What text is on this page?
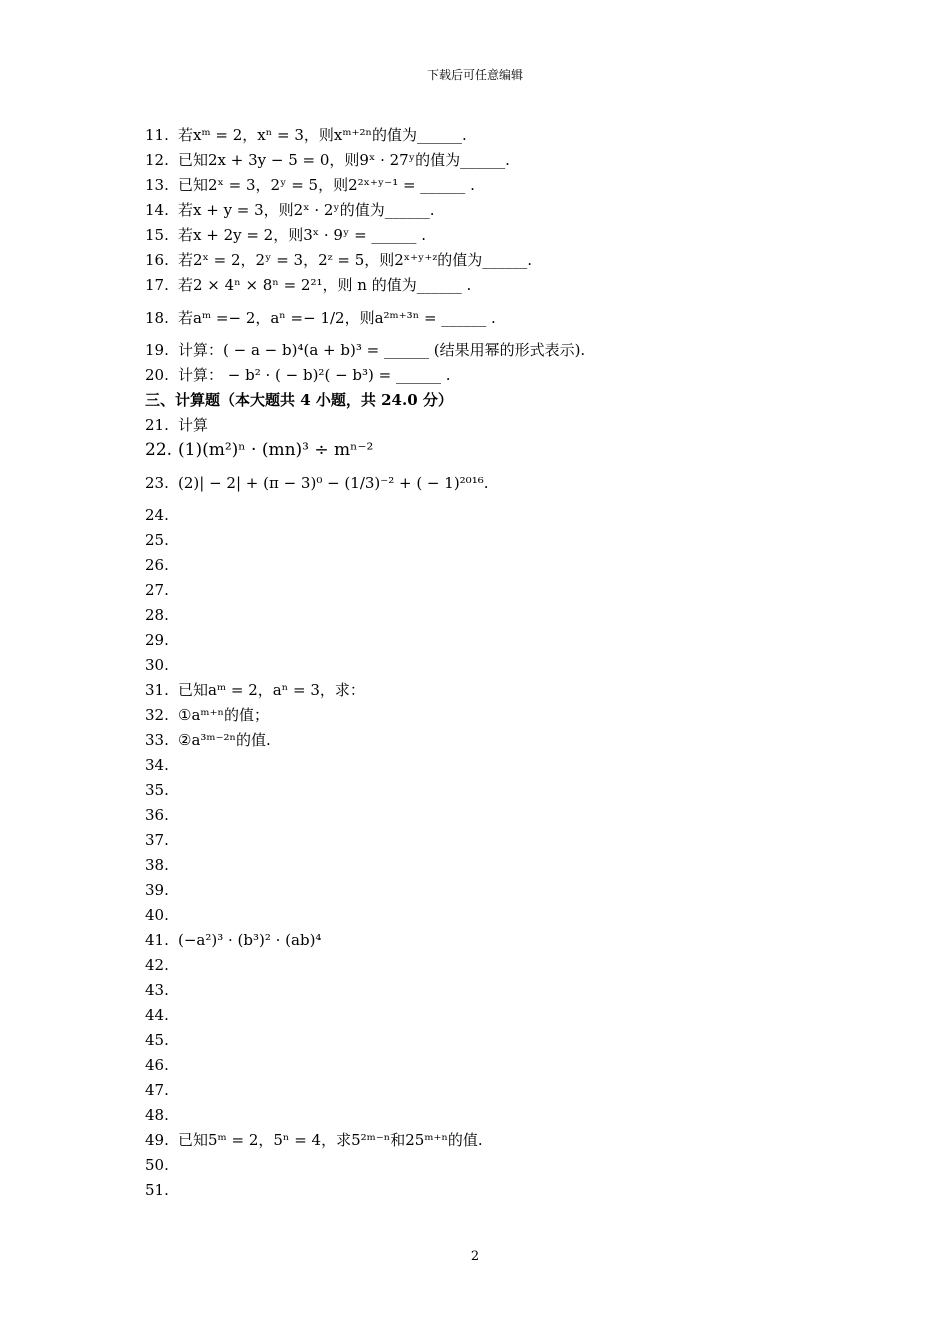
下载后可任意编辑
11. 若xᵐ = 2，xⁿ = 3，则xᵐ⁺²ⁿ的值为______.
12. 已知2x + 3y − 5 = 0，则9ˣ · 27ʸ的值为______.
13. 已知2ˣ = 3，2ʸ = 5，则2²ˣ⁺ʸ⁻¹ = ______ .
14. 若x + y = 3，则2ˣ · 2ʸ的值为______.
15. 若x + 2y = 2，则3ˣ · 9ʸ = ______ .
16. 若2ˣ = 2，2ʸ = 3，2ᶻ = 5，则2ˣ⁺ʸ⁺ᶻ的值为______.
17. 若2 × 4ⁿ × 8ⁿ = 2²¹，则 n 的值为______ .
18. 若aᵐ =− 2，aⁿ =− 1/2，则a²ᵐ⁺³ⁿ = ______ .
19. 计算：( − a − b)⁴(a + b)³ = ______ (结果用幂的形式表示).
20. 计算： − b² · ( − b)²( − b³) = ______ .
三、计算题（本大题共 4 小题，共 24.0 分）
21. 计算
22. (1)(m²)ⁿ · (mn)³ ÷ mⁿ⁻²
23. (2)| − 2| + (π − 3)⁰ − (1/3)⁻² + ( − 1)²⁰¹⁶.
24.
25.
26.
27.
28.
29.
30.
31. 已知aᵐ = 2，aⁿ = 3，求：
32. ①aᵐ⁺ⁿ的值；
33. ②a³ᵐ⁻²ⁿ的值.
34.
35.
36.
37.
38.
39.
40.
41. (−a²)³ · (b³)² · (ab)⁴
42.
43.
44.
45.
46.
47.
48.
49. 已知5ᵐ = 2，5ⁿ = 4，求5²ᵐ⁻ⁿ和25ᵐ⁺ⁿ的值.
50.
51.
2
